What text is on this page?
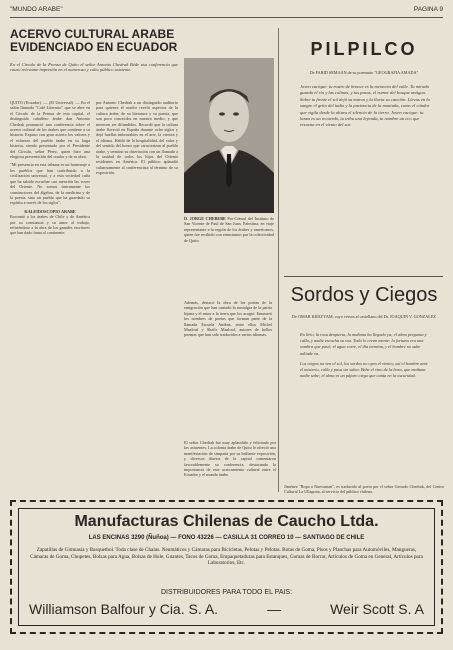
"MUNDO ARABE"	PAGINA 9
ACERVO CULTURAL ARABE
EVIDENCIADO EN ECUADOR
En el Círculo de la Prensa de Quito el señor Antonio Chedrak Béde usa conferencia que causó relevante impresión en el numeroso y culto público asistente.
QUITO (Ecuador). — (El Universal). — En el salón llamado "Café Literario" que se abre en el Círculo de la Prensa de esta capital, el distinguido caballero árabe don Antonio Chedrak pronunció una conferencia sobre el acervo cultural de los árabes que contiene a su historia. Expuso con gran acierto los valores y el esfuerzo del pueblo árabe en su larga historia, siendo presentado por el Presidente del Círculo, señor Pérez, quien hizo una elogiosa presentación del orador y de su obra.
"Mi presencia en esta tribuna es un homenaje a los pueblos que han contribuido a la civilización universal, y a esta sociedad culta que ha sabido escuchar con atención las voces del Oriente. No somos únicamente los constructores del álgebra, de la medicina y de la poesía, sino un pueblo que ha guardado su espíritu a través de los siglos".
KALEIDOSCOPIO ARABE
Encomió a los árabes de Chile y de América por su constancia y su amor al trabajo, refiriéndose a la obra de los grandes escritores que han dado fama al continente.
por Antonio Chedrak a un distinguido auditorio para quienes el orador reveló aspectos de la cultura árabe, de su literatura y su poesía, que son poco conocidos en nuestro medio, y que merecen ser difundidos. Recordó que la cultura árabe floreció en España durante ocho siglos y dejó huellas imborrables en el arte, la ciencia y el idioma. Habló de la hospitalidad, del valor y del sentido del honor que caracterizan al pueblo árabe, y terminó su disertación con un llamado a la unidad de todos los hijos del Oriente residentes en América. El público aplaudió calurosamente al conferencista al término de su exposición.
D. JORGE CHEBEBE Pro-Cónsul del Instituto de San Vicente de Paul de San Juan, Palestina, en viaje representante a la región de los árabes y americanos, quien fue recibido con entusiasmo por la colectividad de Quito.
Además, destacó la obra de los poetas de la emigración que han cantado la nostalgia de la patria lejana y el amor a la tierra que los acogió. Enumeró los nombres de poetas que forman parte de la llamada Escuela Andina, entre ellos Michel Maalouf y Shafic Maalouf, autores de bellos poemas que han sido traducidos a varios idiomas.
PILPILCO
De FARID SEMAAN de su poemario "GEOGRAFIA AMADA"
Joven cacique: tu rostro de bronce es la memoria del valle. Tu mirada guarda el río y las colinas, y tus pasos, el rumor del bosque antiguo. Sobre tu frente el sol dejó su marca y la lluvia su canción. Llevas en la sangre el grito del indio y la paciencia de la montaña, como el cóndor que vigila desde la altura el silencio de la tierra. Joven cacique: tu lanza es un recuerdo, tu tribu una leyenda, tu nombre un eco que resuena en el viento del sur.
Sordos y Ciegos
De OMAR KHAYYAM, cuyo versos al castellano del Dr. JOAQUIN V. GONZALEZ
En lírio, la rosa despierta, la mañana ha llegado ya; el alma pregunta y calla, y nadie escucha su voz. Todo lo crean mente: la fortuna era una sombra que pasó; el agua corre, el día termina, y el hombre no sabe adónde va.
Los ciegos no ven el sol, los sordos no oyen el viento; así el hombre ante el misterio, calla y pasa sin saber. Bebe el vino de la hora, que mañana nadie sabe; el alma es un pájaro ciego que canta en la oscuridad.
Jiménez "Ropa a Nuevaman", es traducido al poeta por el señor Gerardo Chedrak, del Centro Cultural La Ullapona, al servicio del público chileno.
El señor Chedrak fue muy aplaudido y felicitado por los asistentes. La colonia árabe de Quito le ofreció una manifestación de simpatía por su brillante exposición, y diversos diarios de la capital comentaron favorablemente su conferencia, destacando la importancia de este acercamiento cultural entre el Ecuador y el mundo árabe.
Manufacturas Chilenas de Caucho Ltda.
LAS ENCINAS 3290 (Ñuñoa) — FONO 43226 — CASILLA 31 CORREO 10 — SANTIAGO DE CHILE
Zapatillas de Gimnasia y Basquetbol. Toda clase de Chalas. Neumáticos y Cámaras para Bicicletas, Pelotas y Pelotas. Botas de Goma, Pisos y Planchas para Automóviles, Mangueras, Cámaras de Goma, Chupetes, Bolsas para Agua, Bolsas de Hule, Guantes, Tacos de Goma, Empaquetaduras para Estanques, Gomas de Borrar, Artículos de Goma en General, Artículos para Laboratorios, Etc.
DISTRIBUIDORES PARA TODO EL PAIS:
Williamson Balfour y Cia. S. A.	—	Weir Scott S. A
